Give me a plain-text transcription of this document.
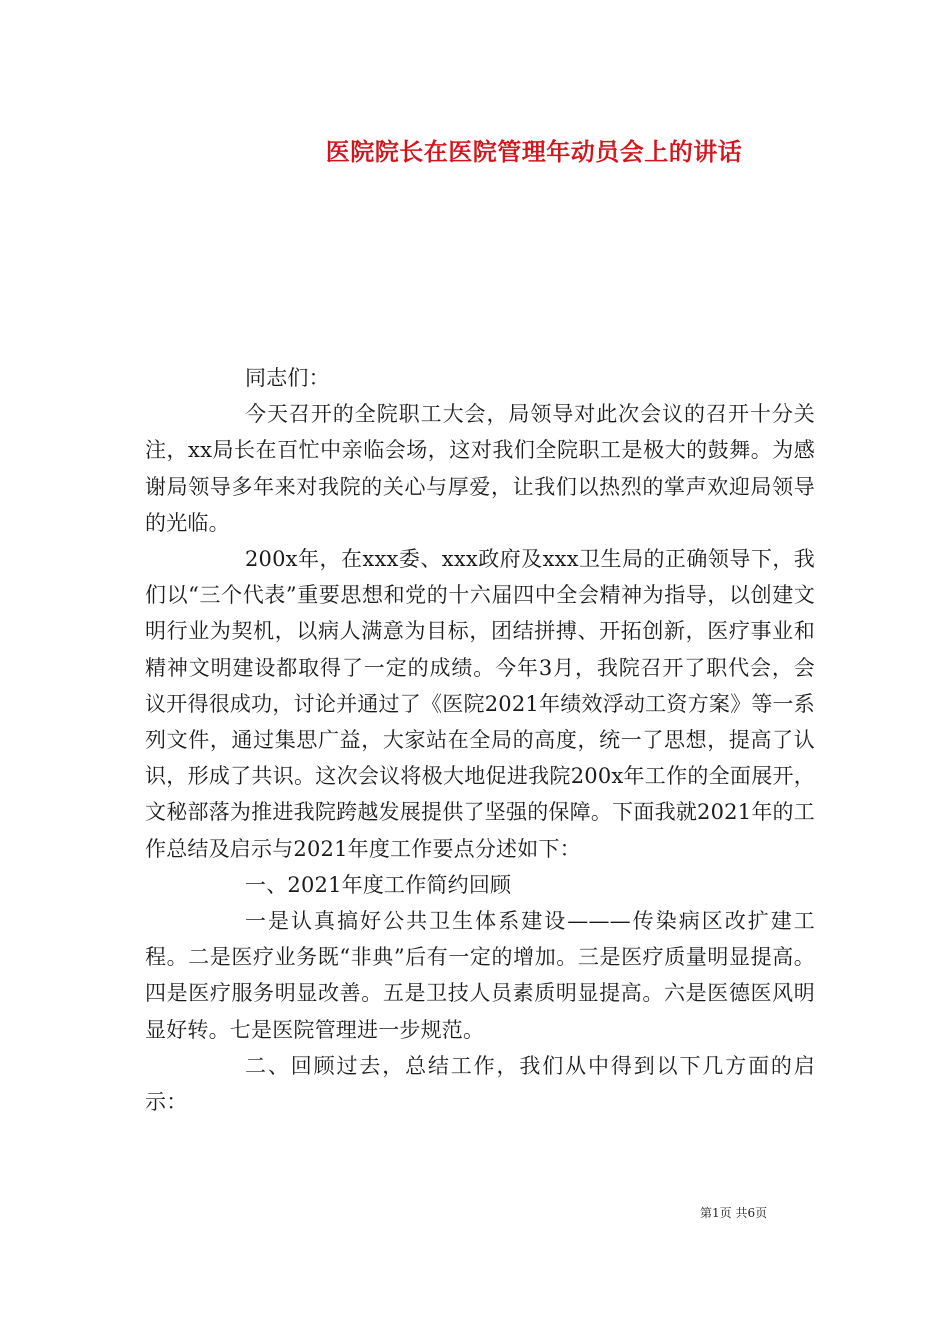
医院院长在医院管理年动员会上的讲话

同志们：

今天召开的全院职工大会，局领导对此次会议的召开十分关注，xx局长在百忙中亲临会场，这对我们全院职工是极大的鼓舞。为感谢局领导多年来对我院的关心与厚爱，让我们以热烈的掌声欢迎局领导的光临。

200x年，在xxx委、xxx政府及xxx卫生局的正确领导下，我们以“三个代表”重要思想和党的十六届四中全会精神为指导，以创建文明行业为契机，以病人满意为目标，团结拼搏、开拓创新，医疗事业和精神文明建设都取得了一定的成绩。今年3月，我院召开了职代会，会议开得很成功，讨论并通过了《医院2021年绩效浮动工资方案》等一系列文件，通过集思广益，大家站在全局的高度，统一了思想，提高了认识，形成了共识。这次会议将极大地促进我院200x年工作的全面展开，文秘部落为推进我院跨越发展提供了坚强的保障。下面我就2021年的工作总结及启示与2021年度工作要点分述如下：

一、2021年度工作简约回顾

一是认真搞好公共卫生体系建设———传染病区改扩建工程。二是医疗业务既“非典”后有一定的增加。三是医疗质量明显提高。四是医疗服务明显改善。五是卫技人员素质明显提高。六是医德医风明显好转。七是医院管理进一步规范。

二、回顾过去，总结工作，我们从中得到以下几方面的启示：

第1页 共6页
